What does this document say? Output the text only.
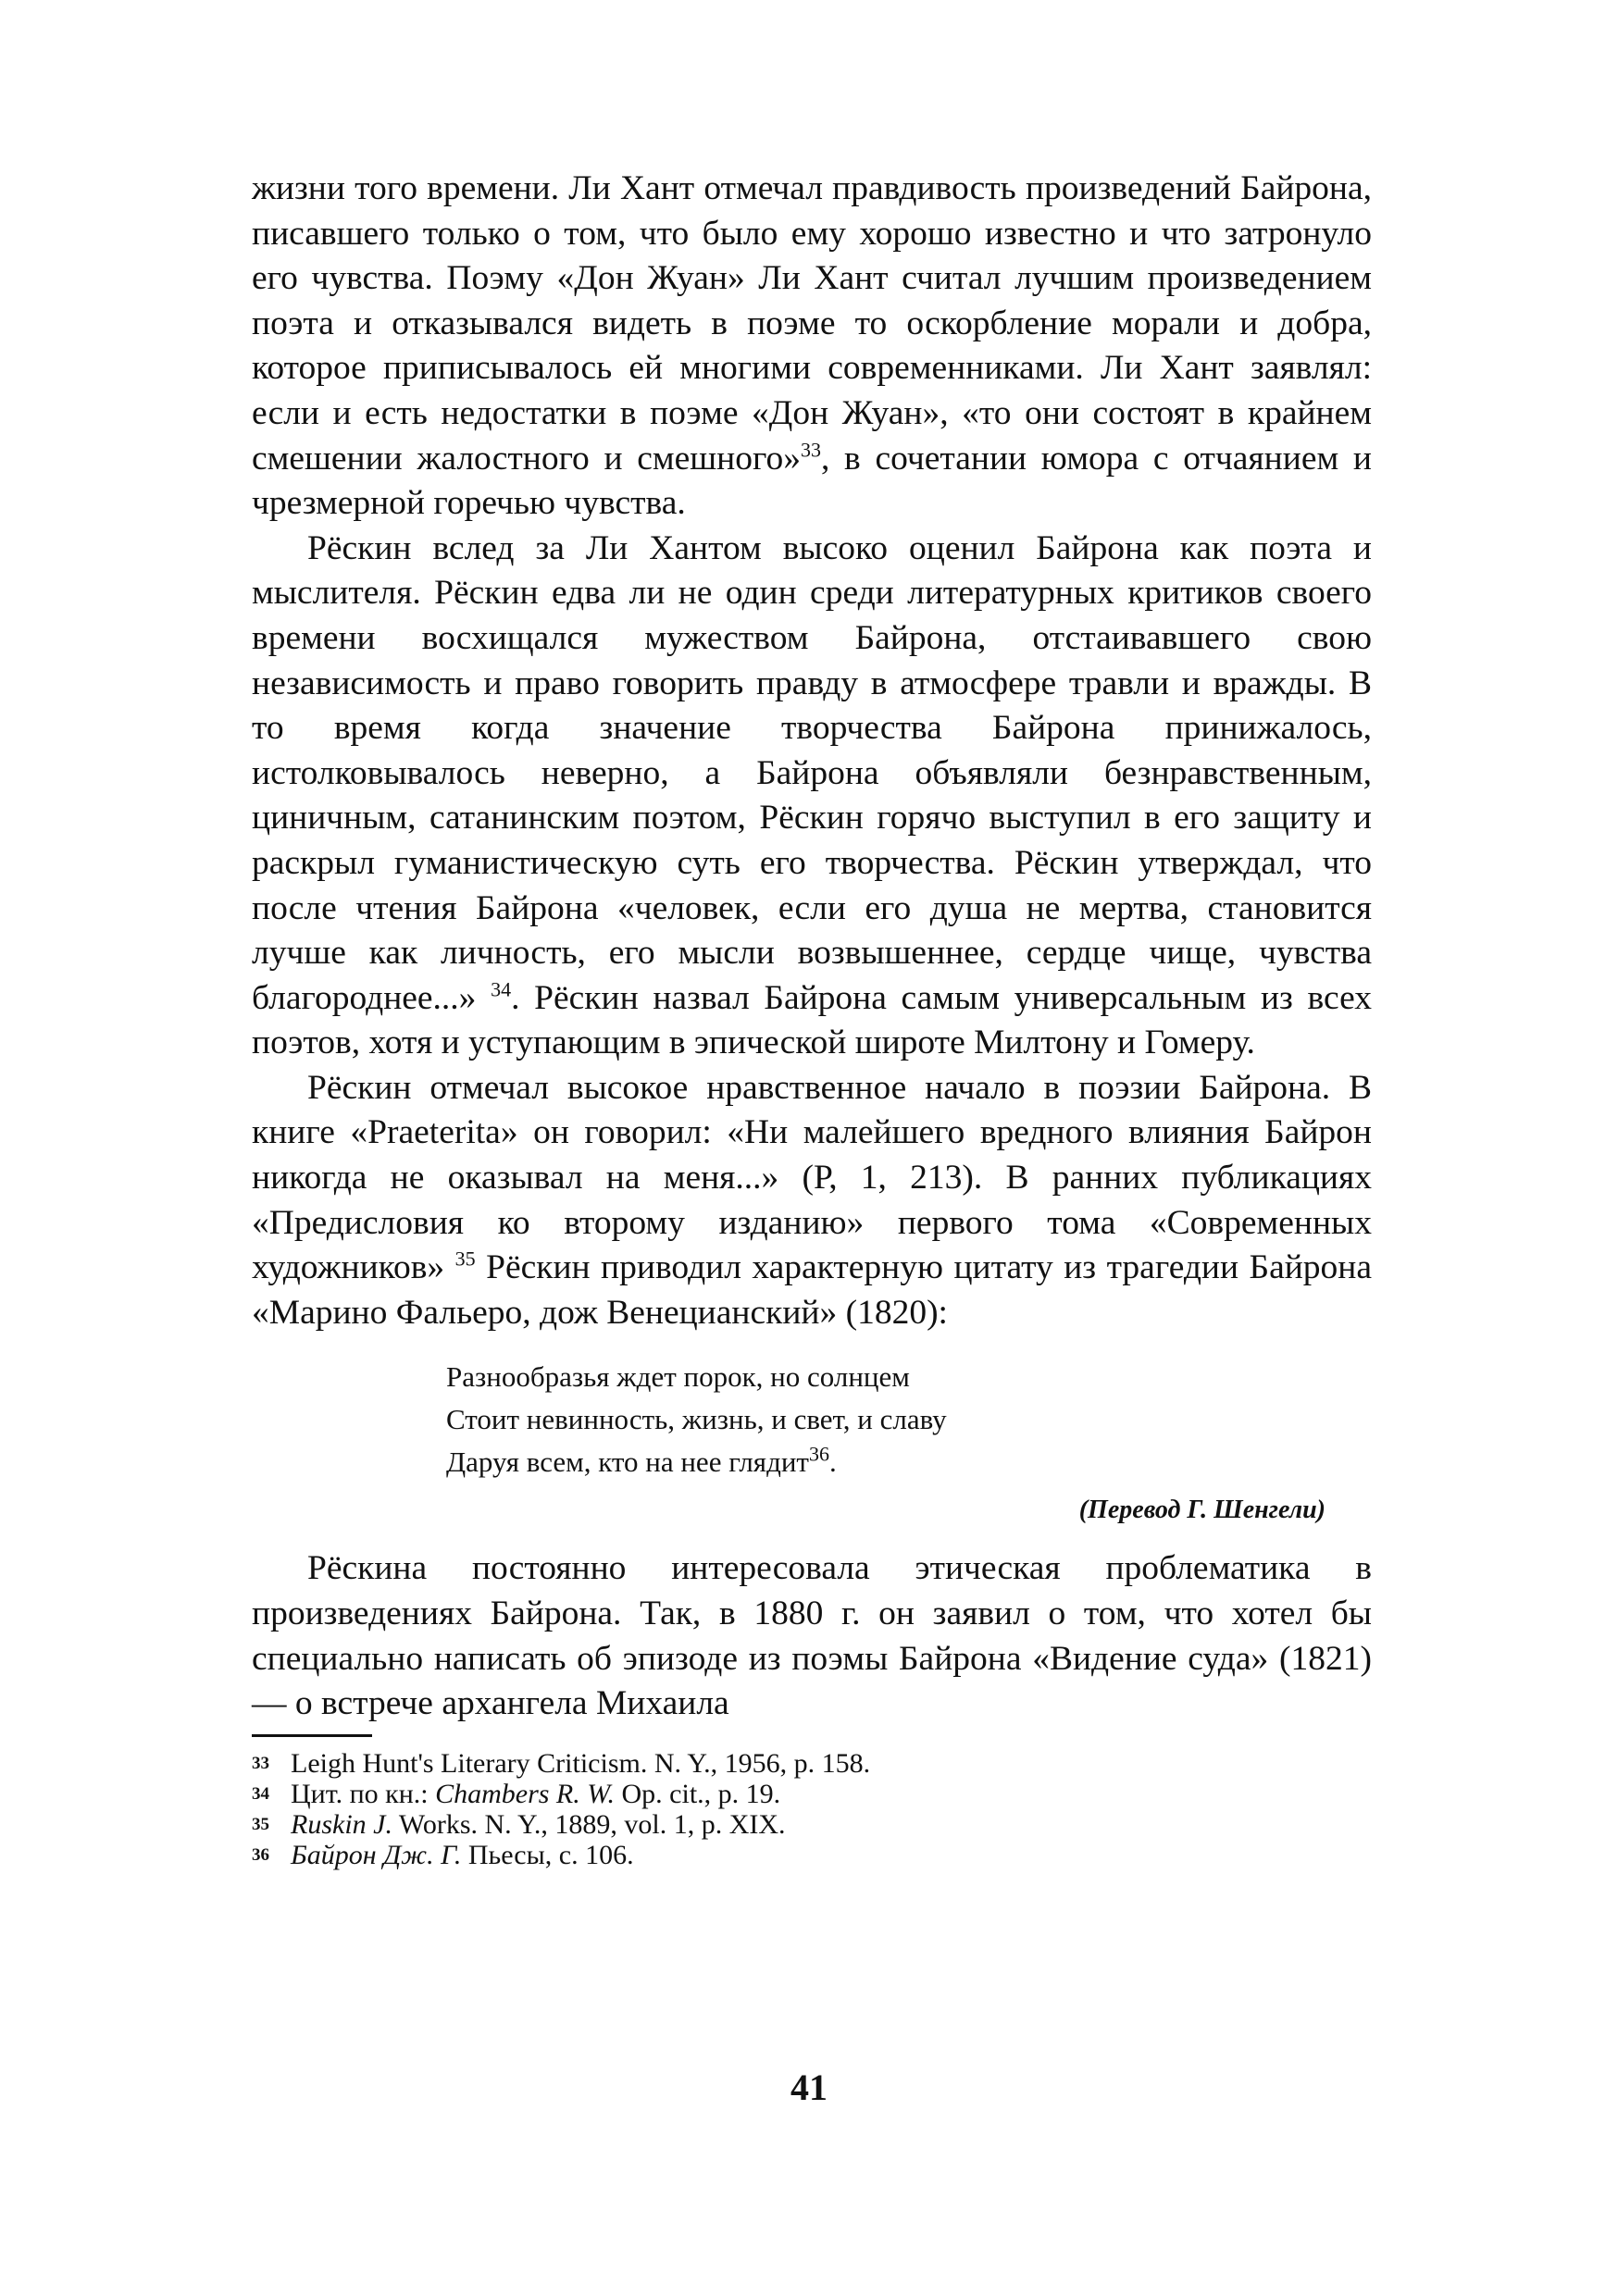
жизни того времени. Ли Хант отмечал правдивость произведений Байрона, писавшего только о том, что было ему хорошо известно и что затронуло его чувства. Поэму «Дон Жуан» Ли Хант считал лучшим произведением поэта и отказывался видеть в поэме то оскорбление морали и добра, которое приписывалось ей многими современниками. Ли Хант заявлял: если и есть недостатки в поэме «Дон Жуан», «то они состоят в крайнем смешении жалостного и смешного»$^{33}$, в сочетании юмора с отчаянием и чрезмерной горечью чувства.

Рёскин вслед за Ли Хантом высоко оценил Байрона как поэта и мыслителя. Рёскин едва ли не один среди литературных критиков своего времени восхищался мужеством Байрона, отстаивавшего свою независимость и право говорить правду в атмосфере травли и вражды. В то время когда значение творчества Байрона принижалось, истолковывалось неверно, а Байрона объявляли безнравственным, циничным, сатанинским поэтом, Рёскин горячо выступил в его защиту и раскрыл гуманистическую суть его творчества. Рёскин утверждал, что после чтения Байрона «человек, если его душа не мертва, становится лучше как личность, его мысли возвышеннее, сердце чище, чувства благороднее...» $^{34}$. Рёскин назвал Байрона самым универсальным из всех поэтов, хотя и уступающим в эпической широте Милтону и Гомеру.

Рёскин отмечал высокое нравственное начало в поэзии Байрона. В книге «Praeterita» он говорил: «Ни малейшего вредного влияния Байрон никогда не оказывал на меня...» (Р, 1, 213). В ранних публикациях «Предисловия ко второму изданию» первого тома «Современных художников» $^{35}$ Рёскин приводил характерную цитату из трагедии Байрона «Марино Фальеро, дож Венецианский» (1820):

Разнообразья ждет порок, но солнцем
Стоит невинность, жизнь, и свет, и славу
Даруя всем, кто на нее глядит$^{36}$.
(Перевод Г. Шенгели)

Рёскина постоянно интересовала этическая проблематика в произведениях Байрона. Так, в 1880 г. он заявил о том, что хотел бы специально написать об эпизоде из поэмы Байрона «Видение суда» (1821) — о встрече архангела Михаила

33 Leigh Hunt's Literary Criticism. N. Y., 1956, p. 158.
34 Цит. по кн.: Chambers R. W. Op. cit., p. 19.
35 Ruskin J. Works. N. Y., 1889, vol. 1, p. XIX.
36 Байрон Дж. Г. Пьесы, с. 106.
41
